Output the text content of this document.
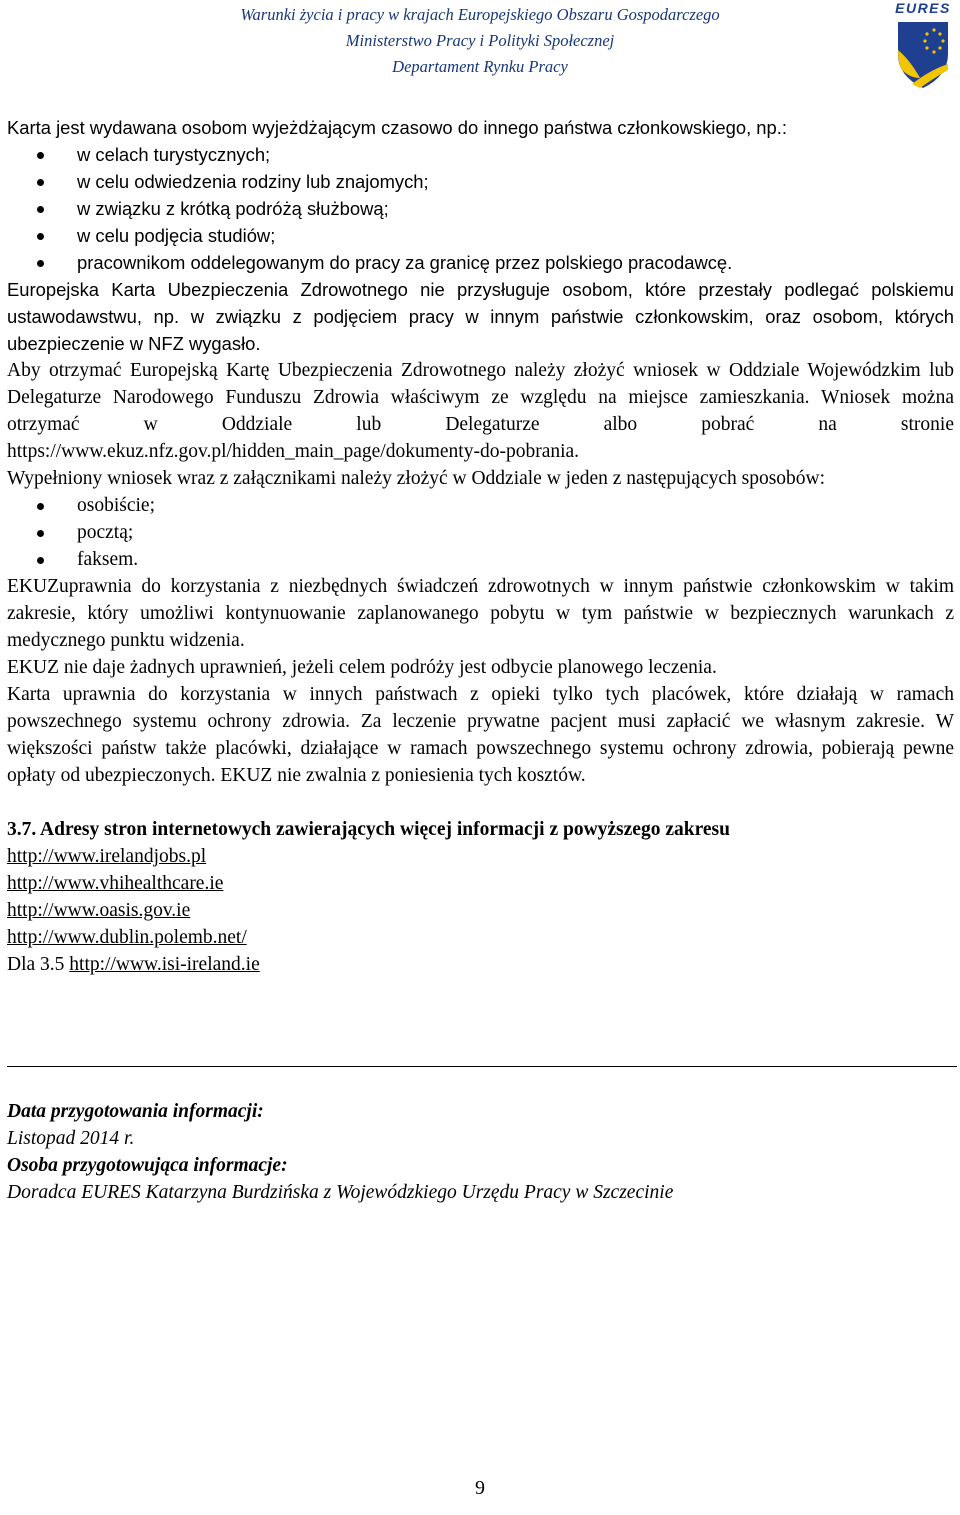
Warunki życia i pracy w krajach Europejskiego Obszaru Gospodarczego
Ministerstwo Pracy i Polityki Społecznej
Departament Rynku Pracy
EURES

Karta jest wydawana osobom wyjeżdżającym czasowo do innego państwa członkowskiego, np.:

w celach turystycznych;
w celu odwiedzenia rodziny lub znajomych;
w związku z krótką podróżą służbową;
w celu podjęcia studiów;
pracownikom oddelegowanym do pracy za granicę przez polskiego pracodawcę.

Europejska Karta Ubezpieczenia Zdrowotnego nie przysługuje osobom, które przestały podlegać polskiemu ustawodawstwu, np. w związku z podjęciem pracy w innym państwie członkowskim, oraz osobom, których ubezpieczenie w NFZ wygasło.

Aby otrzymać Europejską Kartę Ubezpieczenia Zdrowotnego należy złożyć wniosek w Oddziale Wojewódzkim lub Delegaturze Narodowego Funduszu Zdrowia właściwym ze względu na miejsce zamieszkania. Wniosek można otrzymać w Oddziale lub Delegaturze albo pobrać na stronie https://www.ekuz.nfz.gov.pl/hidden_main_page/dokumenty-do-pobrania.

Wypełniony wniosek wraz z załącznikami należy złożyć w Oddziale w jeden z następujących sposobów:

osobiście;
pocztą;
faksem.

EKUZuprawnia do korzystania z niezbędnych świadczeń zdrowotnych w innym państwie członkowskim w takim zakresie, który umożliwi kontynuowanie zaplanowanego pobytu w tym państwie w bezpiecznych warunkach z medycznego punktu widzenia.

EKUZ nie daje żadnych uprawnień, jeżeli celem podróży jest odbycie planowego leczenia.

Karta uprawnia do korzystania w innych państwach z opieki tylko tych placówek, które działają w ramach powszechnego systemu ochrony zdrowia. Za leczenie prywatne pacjent musi zapłacić we własnym zakresie. W większości państw także placówki, działające w ramach powszechnego systemu ochrony zdrowia, pobierają pewne opłaty od ubezpieczonych. EKUZ nie zwalnia z poniesienia tych kosztów.

3.7. Adresy stron internetowych zawierających więcej informacji z powyższego zakresu

http://www.irelandjobs.pl
http://www.vhihealthcare.ie
http://www.oasis.gov.ie
http://www.dublin.polemb.net/
Dla 3.5 http://www.isi-ireland.ie
Data przygotowania informacji:
Listopad 2014 r.
Osoba przygotowująca informacje:
Doradca EURES Katarzyna Burdzińska z Wojewódzkiego Urzędu Pracy w Szczecinie
9
